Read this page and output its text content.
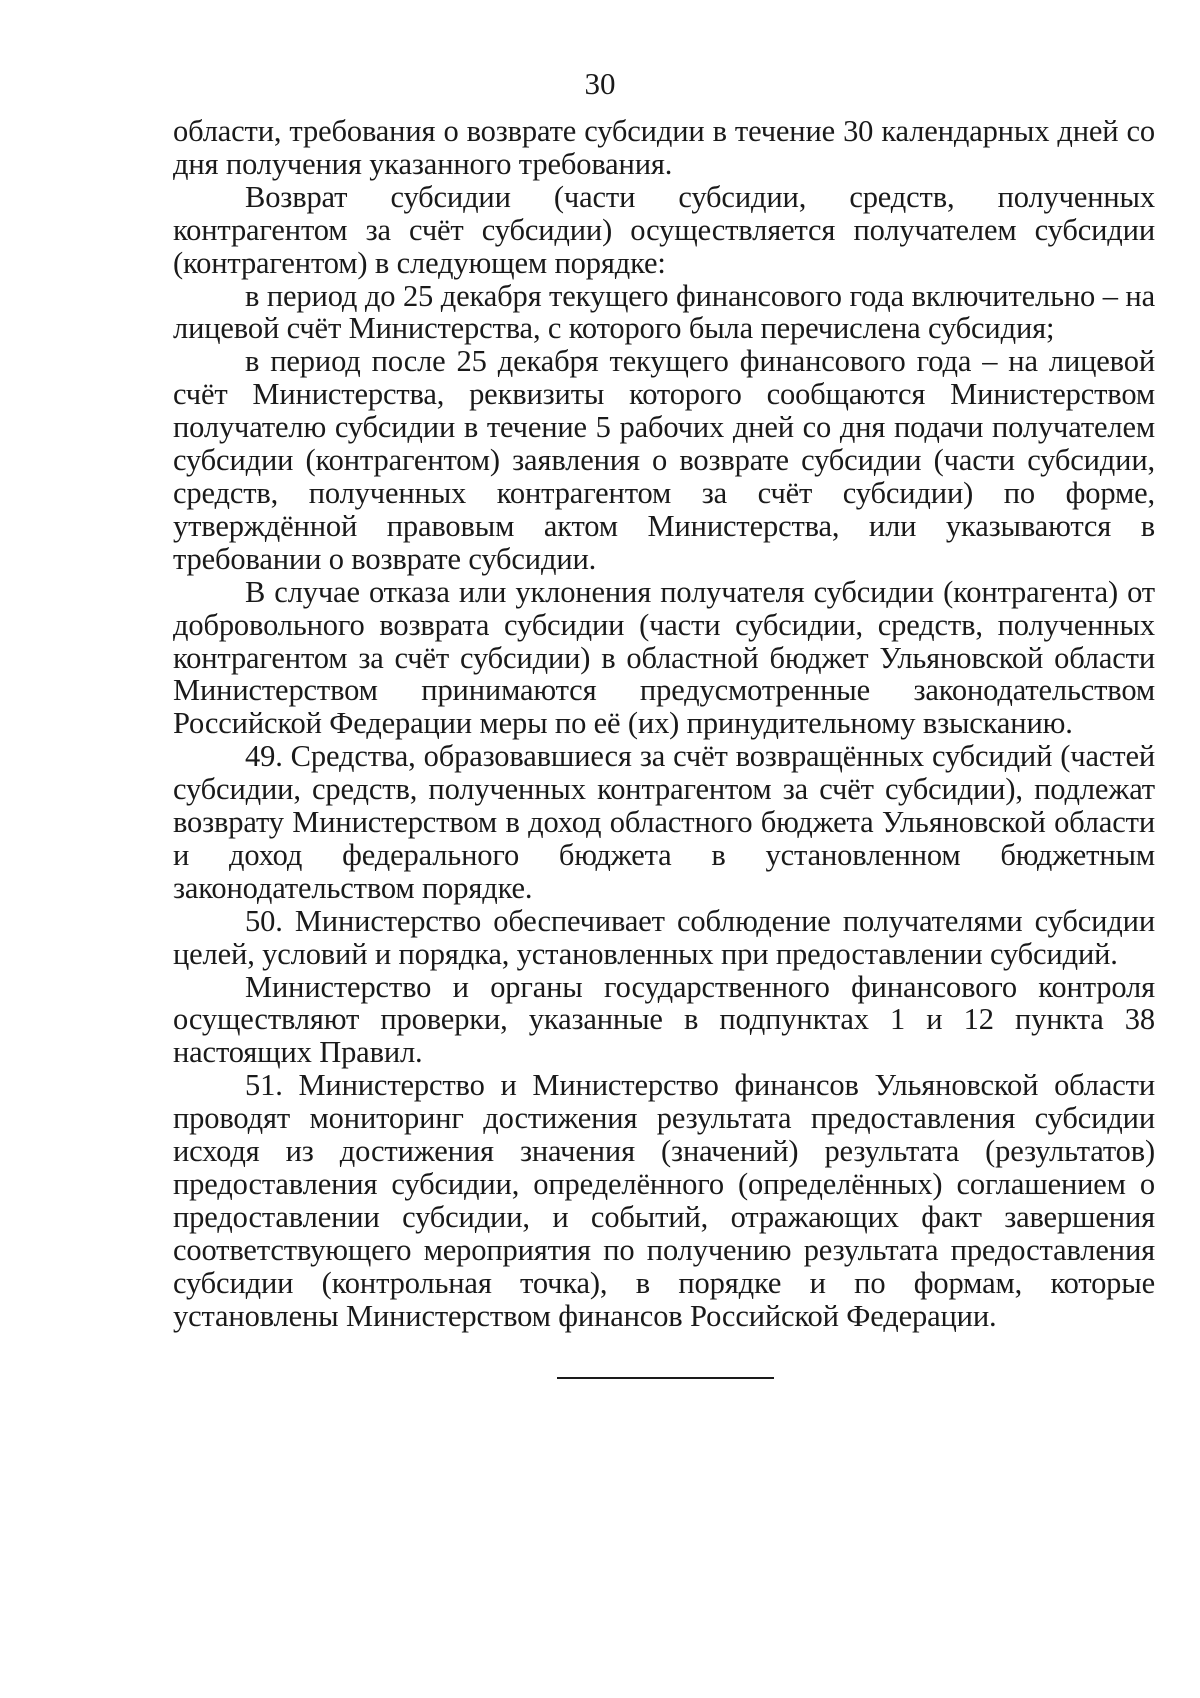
30

области, требования о возврате субсидии в течение 30 календарных дней со дня получения указанного требования.

Возврат субсидии (части субсидии, средств, полученных контрагентом за счёт субсидии) осуществляется получателем субсидии (контрагентом) в следующем порядке:

в период до 25 декабря текущего финансового года включительно – на лицевой счёт Министерства, с которого была перечислена субсидия;

в период после 25 декабря текущего финансового года – на лицевой счёт Министерства, реквизиты которого сообщаются Министерством получателю субсидии в течение 5 рабочих дней со дня подачи получателем субсидии (контрагентом) заявления о возврате субсидии (части субсидии, средств, полученных контрагентом за счёт субсидии) по форме, утверждённой правовым актом Министерства, или указываются в требовании о возврате субсидии.

В случае отказа или уклонения получателя субсидии (контрагента) от добровольного возврата субсидии (части субсидии, средств, полученных контрагентом за счёт субсидии) в областной бюджет Ульяновской области Министерством принимаются предусмотренные законодательством Российской Федерации меры по её (их) принудительному взысканию.

49. Средства, образовавшиеся за счёт возвращённых субсидий (частей субсидии, средств, полученных контрагентом за счёт субсидии), подлежат возврату Министерством в доход областного бюджета Ульяновской области и доход федерального бюджета в установленном бюджетным законодательством порядке.

50. Министерство обеспечивает соблюдение получателями субсидии целей, условий и порядка, установленных при предоставлении субсидий.

Министерство и органы государственного финансового контроля осуществляют проверки, указанные в подпунктах 1 и 12 пункта 38 настоящих Правил.

51. Министерство и Министерство финансов Ульяновской области проводят мониторинг достижения результата предоставления субсидии исходя из достижения значения (значений) результата (результатов) предоставления субсидии, определённого (определённых) соглашением о предоставлении субсидии, и событий, отражающих факт завершения соответствующего мероприятия по получению результата предоставления субсидии (контрольная точка), в порядке и по формам, которые установлены Министерством финансов Российской Федерации.
